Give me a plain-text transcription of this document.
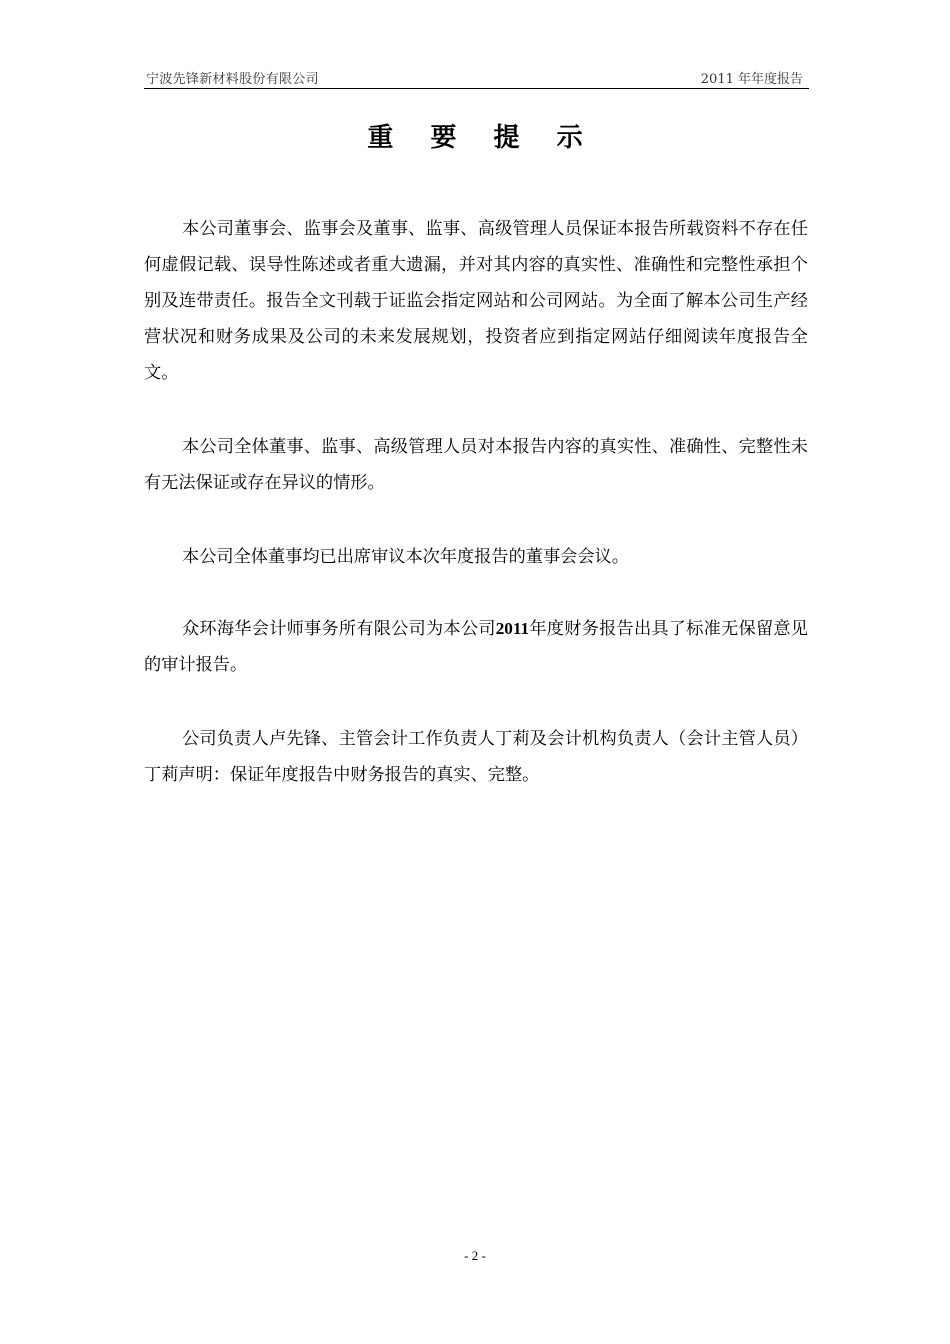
宁波先锋新材料股份有限公司	2011 年年度报告
重 要 提 示

本公司董事会、监事会及董事、监事、高级管理人员保证本报告所载资料不存在任何虚假记载、误导性陈述或者重大遗漏，并对其内容的真实性、准确性和完整性承担个别及连带责任。报告全文刊载于证监会指定网站和公司网站。为全面了解本公司生产经营状况和财务成果及公司的未来发展规划，投资者应到指定网站仔细阅读年度报告全文。

本公司全体董事、监事、高级管理人员对本报告内容的真实性、准确性、完整性未有无法保证或存在异议的情形。

本公司全体董事均已出席审议本次年度报告的董事会会议。

众环海华会计师事务所有限公司为本公司2011年度财务报告出具了标准无保留意见的审计报告。

公司负责人卢先锋、主管会计工作负责人丁莉及会计机构负责人（会计主管人员）丁莉声明：保证年度报告中财务报告的真实、完整。

- 2 -
